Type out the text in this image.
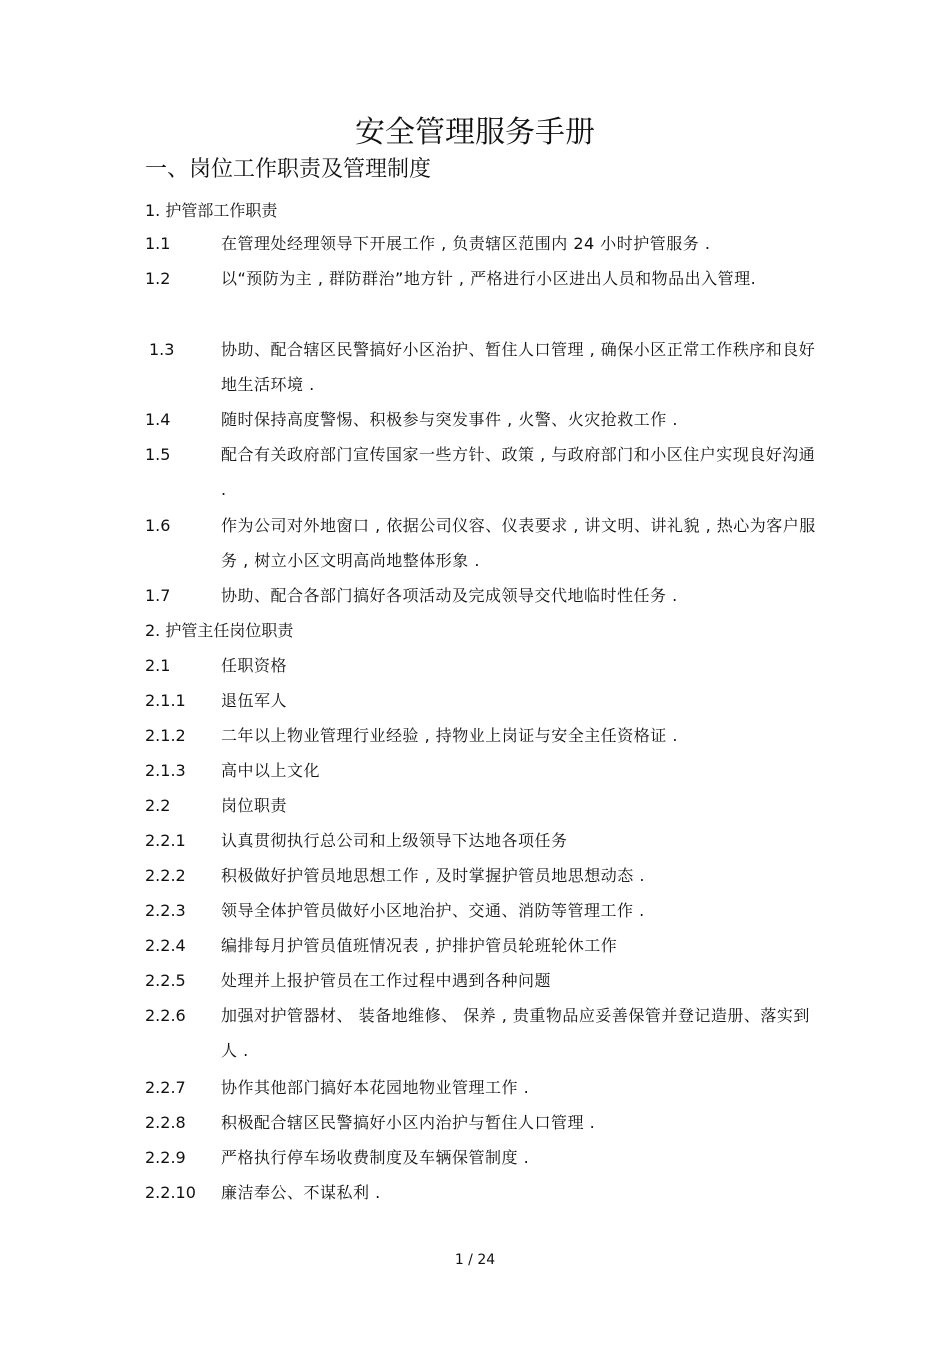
安全管理服务手册
一、岗位工作职责及管理制度
1. 护管部工作职责
1.1	在管理处经理领导下开展工作 , 负责辖区范围内 24 小时护管服务 .
1.2	以“预防为主 , 群防群治”地方针 , 严格进行小区进出人员和物品出入管理.
1.3	协助、配合辖区民警搞好小区治护、暂住人口管理 , 确保小区正常工作秩序和良好地生活环境 .
1.4	随时保持高度警惕、积极参与突发事件 , 火警、火灾抢救工作 .
1.5	配合有关政府部门宣传国家一些方针、政策 , 与政府部门和小区住户实现良好沟通 .
1.6	作为公司对外地窗口 , 依据公司仪容、仪表要求 , 讲文明、讲礼貌 , 热心为客户服务 , 树立小区文明高尚地整体形象 .
1.7	协助、配合各部门搞好各项活动及完成领导交代地临时性任务 .
2. 护管主任岗位职责
2.1	任职资格
2.1.1	退伍军人
2.1.2	二年以上物业管理行业经验 , 持物业上岗证与安全主任资格证 .
2.1.3	高中以上文化
2.2	岗位职责
2.2.1	认真贯彻执行总公司和上级领导下达地各项任务
2.2.2	积极做好护管员地思想工作 , 及时掌握护管员地思想动态 .
2.2.3	领导全体护管员做好小区地治护、交通、消防等管理工作 .
2.2.4	编排每月护管员值班情况表 , 护排护管员轮班轮休工作
2.2.5	处理并上报护管员在工作过程中遇到各种问题
2.2.6	加强对护管器材、 装备地维修、 保养 , 贵重物品应妥善保管并登记造册、落实到人 .
2.2.7	协作其他部门搞好本花园地物业管理工作 .
2.2.8	积极配合辖区民警搞好小区内治护与暂住人口管理 .
2.2.9	严格执行停车场收费制度及车辆保管制度 .
2.2.10	廉洁奉公、不谋私利 .
1 / 24
